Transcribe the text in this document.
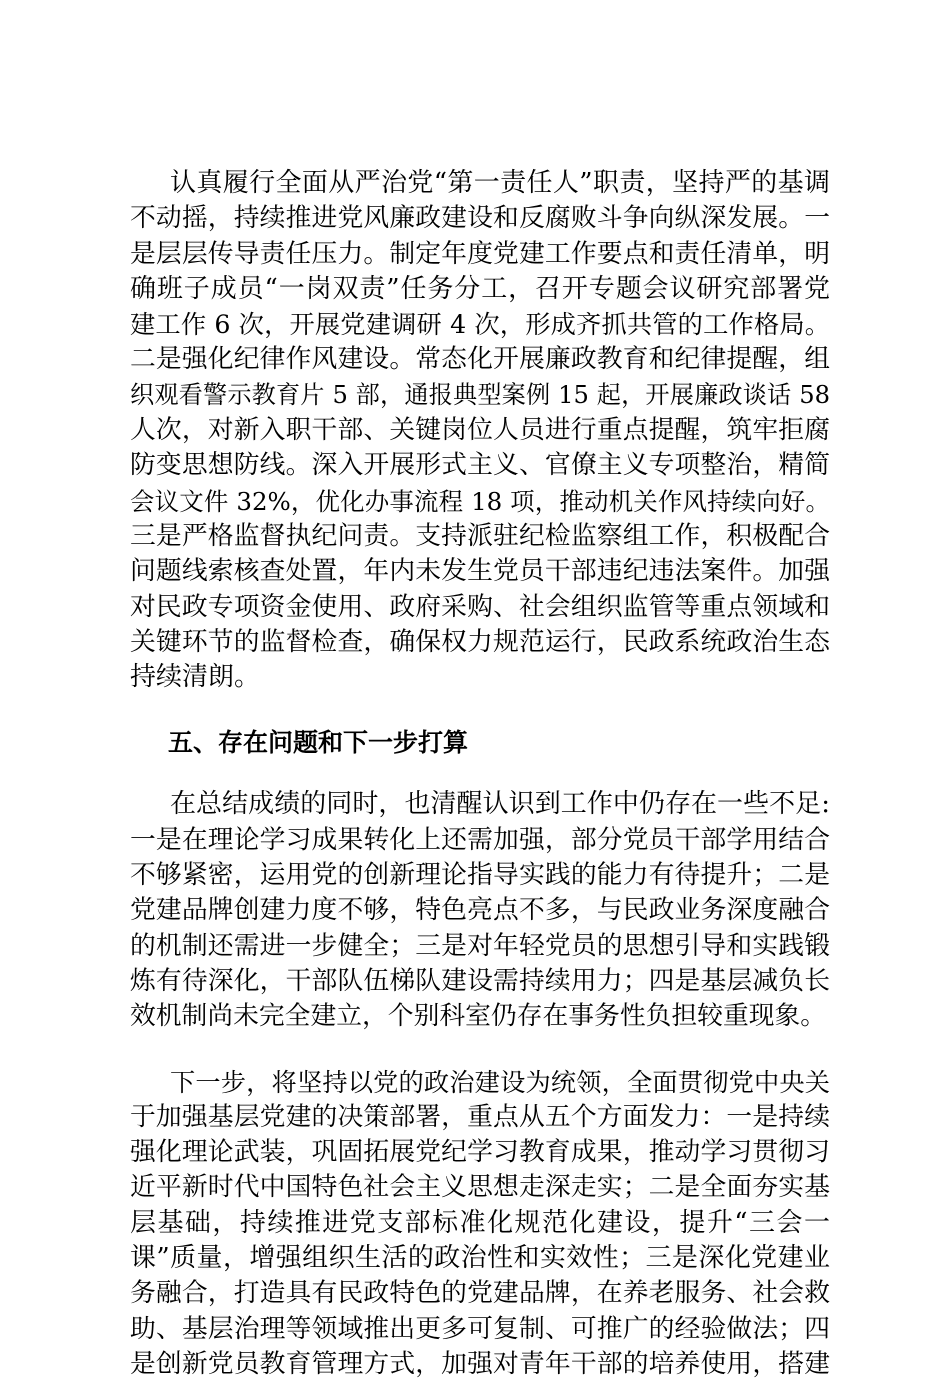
认真履行全面从严治党“第一责任人”职责，坚持严的基调
不动摇，持续推进党风廉政建设和反腐败斗争向纵深发展。一
是层层传导责任压力。制定年度党建工作要点和责任清单，明
确班子成员“一岗双责”任务分工，召开专题会议研究部署党
建工作 6 次，开展党建调研 4 次，形成齐抓共管的工作格局。
二是强化纪律作风建设。常态化开展廉政教育和纪律提醒，组
织观看警示教育片 5 部，通报典型案例 15 起，开展廉政谈话 58
人次，对新入职干部、关键岗位人员进行重点提醒，筑牢拒腐
防变思想防线。深入开展形式主义、官僚主义专项整治，精简
会议文件 32%，优化办事流程 18 项，推动机关作风持续向好。
三是严格监督执纪问责。支持派驻纪检监察组工作，积极配合
问题线索核查处置，年内未发生党员干部违纪违法案件。加强
对民政专项资金使用、政府采购、社会组织监管等重点领域和
关键环节的监督检查，确保权力规范运行，民政系统政治生态
持续清朗。
五、存在问题和下一步打算
在总结成绩的同时，也清醒认识到工作中仍存在一些不足:
一是在理论学习成果转化上还需加强，部分党员干部学用结合
不够紧密，运用党的创新理论指导实践的能力有待提升；二是
党建品牌创建力度不够，特色亮点不多，与民政业务深度融合
的机制还需进一步健全；三是对年轻党员的思想引导和实践锻
炼有待深化，干部队伍梯队建设需持续用力；四是基层减负长
效机制尚未完全建立，个别科室仍存在事务性负担较重现象。
下一步，将坚持以党的政治建设为统领，全面贯彻党中央关
于加强基层党建的决策部署，重点从五个方面发力：一是持续
强化理论武装，巩固拓展党纪学习教育成果，推动学习贯彻习
近平新时代中国特色社会主义思想走深走实；二是全面夯实基
层基础，持续推进党支部标准化规范化建设，提升“三会一
课”质量，增强组织生活的政治性和实效性；三是深化党建业
务融合，打造具有民政特色的党建品牌，在养老服务、社会救
助、基层治理等领域推出更多可复制、可推广的经验做法；四
是创新党员教育管理方式，加强对青年干部的培养使用，搭建
